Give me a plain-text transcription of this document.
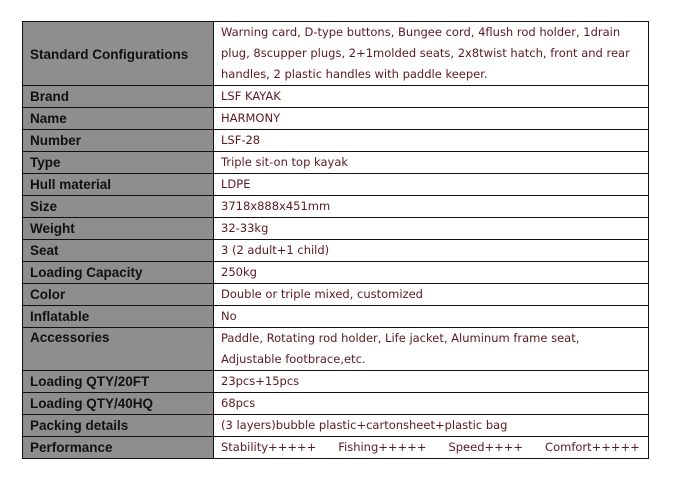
Standard Configurations	Warning card, D-type buttons, Bungee cord, 4flush rod holder, 1drain plug, 8scupper plugs, 2+1molded seats, 2x8twist hatch, front and rear handles, 2 plastic handles with paddle keeper.
Brand	LSF KAYAK
Name	HARMONY
Number	LSF-28
Type	Triple sit-on top kayak
Hull material	LDPE
Size	3718x888x451mm
Weight	32-33kg
Seat	3 (2 adult+1 child)
Loading Capacity	250kg
Color	Double or triple mixed, customized
Inflatable	No
Accessories	Paddle, Rotating rod holder, Life jacket, Aluminum frame seat, Adjustable footbrace,etc.
Loading QTY/20FT	23pcs+15pcs
Loading QTY/40HQ	68pcs
Packing details	(3 layers)bubble plastic+cartonsheet+plastic bag
Performance	Stability+++++ Fishing+++++ Speed++++ Comfort+++++
